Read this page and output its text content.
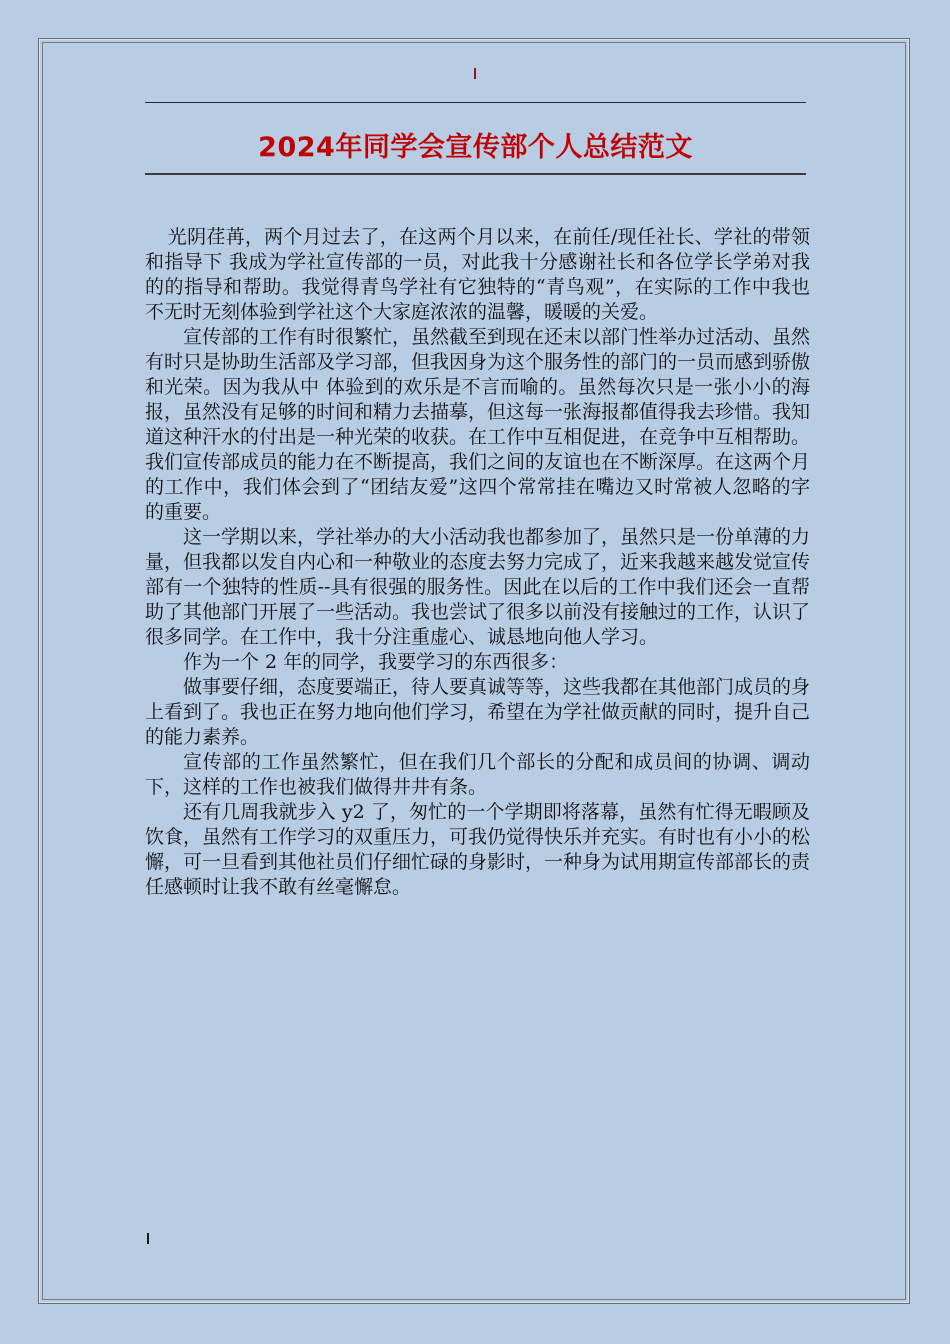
2024年同学会宣传部个人总结范文

光阴荏苒，两个月过去了，在这两个月以来，在前任/现任社长、学社的带领和指导下 我成为学社宣传部的一员，对此我十分感谢社长和各位学长学弟对我的的指导和帮助。我觉得青鸟学社有它独特的“青鸟观”，在实际的工作中我也不无时无刻体验到学社这个大家庭浓浓的温馨，暖暖的关爱。

宣传部的工作有时很繁忙，虽然截至到现在还末以部门性举办过活动、虽然有时只是协助生活部及学习部，但我因身为这个服务性的部门的一员而感到骄傲和光荣。因为我从中 体验到的欢乐是不言而喻的。虽然每次只是一张小小的海报，虽然没有足够的时间和精力去描摹，但这每一张海报都值得我去珍惜。我知道这种汗水的付出是一种光荣的收获。在工作中互相促进，在竞争中互相帮助。我们宣传部成员的能力在不断提高，我们之间的友谊也在不断深厚。在这两个月的工作中，我们体会到了“团结友爱”这四个常常挂在嘴边又时常被人忽略的字的重要。

这一学期以来，学社举办的大小活动我也都参加了，虽然只是一份单薄的力量，但我都以发自内心和一种敬业的态度去努力完成了，近来我越来越发觉宣传部有一个独特的性质--具有很强的服务性。因此在以后的工作中我们还会一直帮助了其他部门开展了一些活动。我也尝试了很多以前没有接触过的工作，认识了很多同学。在工作中，我十分注重虚心、诚恳地向他人学习。

作为一个 2 年的同学，我要学习的东西很多：

做事要仔细，态度要端正，待人要真诚等等，这些我都在其他部门成员的身上看到了。我也正在努力地向他们学习，希望在为学社做贡献的同时，提升自己的能力素养。

宣传部的工作虽然繁忙，但在我们几个部长的分配和成员间的协调、调动下，这样的工作也被我们做得井井有条。

还有几周我就步入 y2 了，匆忙的一个学期即将落幕，虽然有忙得无暇顾及饮食，虽然有工作学习的双重压力，可我仍觉得快乐并充实。有时也有小小的松懈，可一旦看到其他社员们仔细忙碌的身影时，一种身为试用期宣传部部长的责任感顿时让我不敢有丝毫懈怠。
